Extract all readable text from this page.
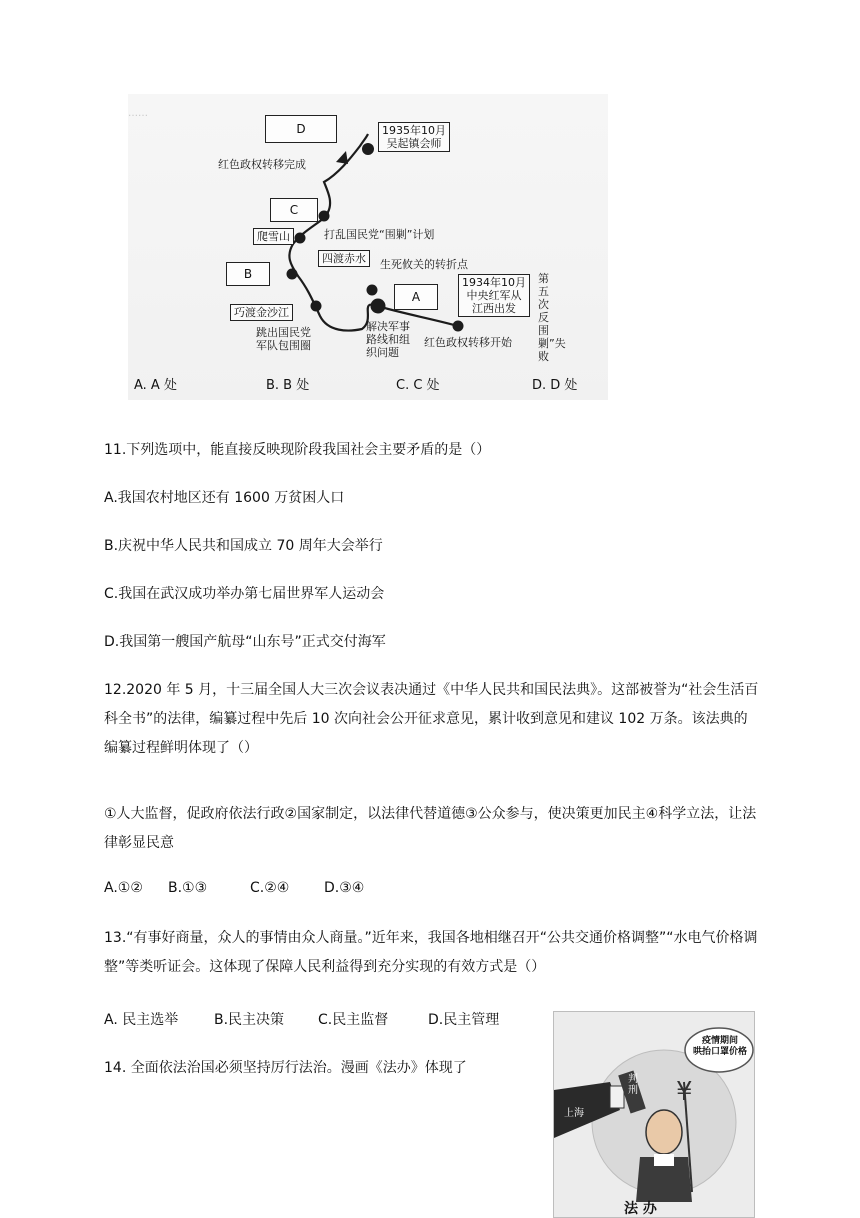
……
D
C
B
A
1935年10月
吴起镇会师
爬雪山
四渡赤水
巧渡金沙江
1934年10月
中央红军从
江西出发
红色政权转移完成
打乱国民党“围剿”计划
生死攸关的转折点
跳出国民党
军队包围圈
解决军事
路线和组
织问题
红色政权转移开始
第五次反围剿”失败
A. A 处	B. B 处	C. C 处	D. D 处
11.下列选项中，能直接反映现阶段我国社会主要矛盾的是（）
A.我国农村地区还有 1600 万贫困人口
B.庆祝中华人民共和国成立 70 周年大会举行
C.我国在武汉成功举办第七届世界军人运动会
D.我国第一艘国产航母“山东号”正式交付海军
12.2020 年 5 月，十三届全国人大三次会议表决通过《中华人民共和国民法典》。这部被誉为“社会生活百科全书”的法律，编纂过程中先后 10 次向社会公开征求意见，累计收到意见和建议 102 万条。该法典的编纂过程鲜明体现了（）
①人大监督，促政府依法行政②国家制定，以法律代替道德③公众参与，使决策更加民主④科学立法，让法律彰显民意
A.①②	B.①③	C.②④	D.③④
13.“有事好商量，众人的事情由众人商量。”近年来，我国各地相继召开“公共交通价格调整”“水电气价格调整”等类听证会。这体现了保障人民利益得到充分实现的有效方式是（）
A. 民主选举	B.民主决策	C.民主监督	D.民主管理
14. 全面依法治国必须坚持厉行法治。漫画《法办》体现了
¥
疫情期间
哄抬口罩价格
上海
判刑
法 办
